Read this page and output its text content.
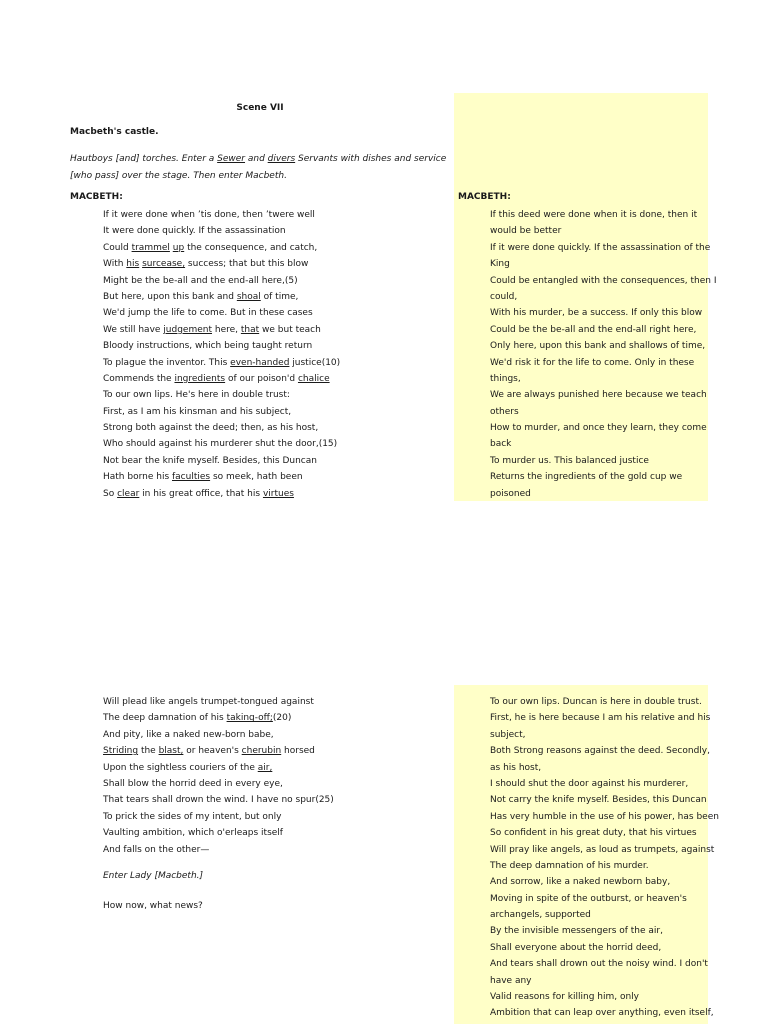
Scene VII
Macbeth's castle.
Hautboys [and] torches. Enter a Sewer and divers Servants with dishes and service [who pass] over the stage. Then enter Macbeth.
MACBETH:	MACBETH:
If it were done when ’tis done, then ’twere well
It were done quickly. If the assassination
Could trammel up the consequence, and catch,
With his surcease, success; that but this blow
Might be the be-all and the end-all here,(5)
But here, upon this bank and shoal of time,
We'd jump the life to come. But in these cases
We still have judgement here, that we but teach
Bloody instructions, which being taught return
To plague the inventor. This even-handed justice(10)
Commends the ingredients of our poison'd chalice
To our own lips. He's here in double trust:
First, as I am his kinsman and his subject,
Strong both against the deed; then, as his host,
Who should against his murderer shut the door,(15)
Not bear the knife myself. Besides, this Duncan
Hath borne his faculties so meek, hath been
So clear in his great office, that his virtues
If this deed were done when it is done, then it
would be better
If it were done quickly. If the assassination of the
King
Could be entangled with the consequences, then I
could,
With his murder, be a success. If only this blow
Could be the be-all and the end-all right here,
Only here, upon this bank and shallows of time,
We'd risk it for the life to come. Only in these
things,
We are always punished here because we teach
others
How to murder, and once they learn, they come
back
To murder us. This balanced justice
Returns the ingredients of the gold cup we
poisoned
Will plead like angels trumpet-tongued against
The deep damnation of his taking-off;(20)
And pity, like a naked new-born babe,
Striding the blast, or heaven's cherubin horsed
Upon the sightless couriers of the air,
Shall blow the horrid deed in every eye,
That tears shall drown the wind. I have no spur(25)
To prick the sides of my intent, but only
Vaulting ambition, which o'erleaps itself
And falls on the other—
To our own lips. Duncan is here in double trust.
First, he is here because I am his relative and his
subject,
Both Strong reasons against the deed. Secondly,
as his host,
I should shut the door against his murderer,
Not carry the knife myself. Besides, this Duncan
Has very humble in the use of his power, has been
So confident in his great duty, that his virtues
Will pray like angels, as loud as trumpets, against
The deep damnation of his murder.
And sorrow, like a naked newborn baby,
Moving in spite of the outburst, or heaven's
archangels, supported
By the invisible messengers of the air,
Shall everyone about the horrid deed,
And tears shall drown out the noisy wind. I don't
have any
Valid reasons for killing him, only
Ambition that can leap over anything, even itself,
Enter Lady [Macbeth.]
How now, what news?
